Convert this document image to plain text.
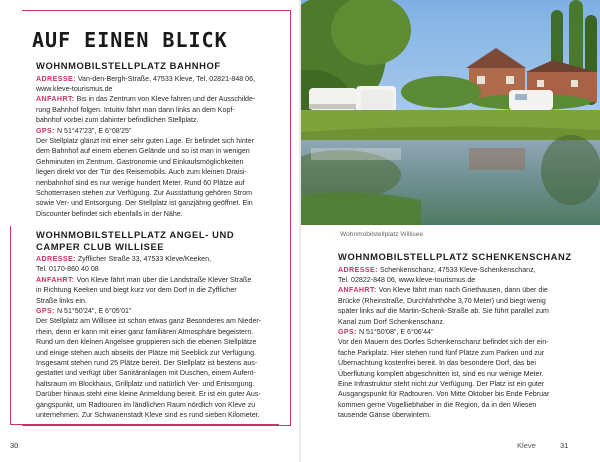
AUF EINEN BLICK

WOHNMOBILSTELLPLATZ BAHNHOF

ADRESSE: Van-den-Bergh-Straße, 47533 Kleve, Tel. 02821-848 06,

www.kleve-tourismus.de

ANFAHRT: Bis in das Zentrum von Kleve fahren und der Ausschilde-

rung Bahnhof folgen. Intuitiv fährt man dann links an dem Kopf-

bahnhof vorbei zum dahinter befindlichen Stellplatz.

GPS: N 51°47'23", E 6°08'25"

Der Stellplatz glänzt mit einer sehr guten Lage. Er befindet sich hinter

dem Bahnhof auf einem ebenen Gelände und so ist man in wenigen

Gehminuten im Zentrum. Gastronomie und Einkaufsmöglichkeiten

liegen direkt vor der Tür des Reisemobils. Auch zum kleinen Draisi-

nenbahnhof sind es nur wenige hundert Meter. Rund 60 Plätze auf

Schotterrasen stehen zur Verfügung. Zur Ausstattung gehören Strom

sowie Ver- und Entsorgung. Der Stellplatz ist ganzjährig geöffnet. Ein

Discounter befindet sich ebenfalls in der Nähe.

WOHNMOBILSTELLPLATZ ANGEL- UND

CAMPER CLUB WILLISEE

ADRESSE: Zyfflicher Straße 33, 47533 Kleve/Keeken,

Tel. 0170-860 40 08

ANFAHRT: Von Kleve fährt man über die Landstraße Klever Straße

in Richtung Keeken und biegt kurz vor dem Dorf in die Zyfflicher

Straße links ein.

GPS: N 51°50'24", E 6°05'01"

Der Stellplatz am Willisee ist schon etwas ganz Besonderes am Nieder-

rhein, denn er kann mit einer ganz familiären Atmosphäre begeistern.

Rund um den kleinen Angelsee gruppieren sich die ebenen Stellplätze

und einige stehen auch abseits der Plätze mit Seeblick zur Verfügung.

Insgesamt stehen rund 25 Plätze bereit. Der Stellplatz ist bestens aus-

gestattet und verfügt über Sanitäranlagen mit Duschen, einem Aufent-

haltsraum im Blockhaus, Grillplatz und natürlich Ver- und Entsorgung.

Darüber hinaus steht eine kleine Anmeldung bereit. Er ist ein guter Aus-

gangspunkt, um Radtouren im ländlichen Raum nördlich von Kleve zu

unternehmen. Zur Schwanenstadt Kleve sind es rund sieben Kilometer.

Wohnmobilstellplatz Willisee

WOHNMOBILSTELLPLATZ SCHENKENSCHANZ

ADRESSE: Schenkenschanz, 47533 Kleve-Schenkenschanz,

Tel. 02822-848 06, www.kleve-tourismus.de

ANFAHRT: Von Kleve fährt man nach Griethausen, dann über die

Brücke (Rheinstraße, Durchfahrthöhe 3,70 Meter) und biegt wenig

später links auf die Martin-Schenk-Straße ab. Sie führt parallel zum

Kanal zum Dorf Schenkenschanz.

GPS: N 51°50'08", E 6°06'44"

Vor den Mauern des Dorfes Schenkenschanz befindet sich der ein-

fache Parkplatz. Hier stehen rund fünf Plätze zum Parken und zur

Übernachtung kostenfrei bereit. In das besondere Dorf, das bei

Überflutung komplett abgeschnitten ist, sind es nur wenige Meter.

Eine Infrastruktur steht nicht zur Verfügung. Der Platz ist ein guter

Ausgangspunkt für Radtouren. Von Mitte Oktober bis Ende Februar

kommen gerne Vogelliebhaber in die Region, da in den Wiesen

tausende Gänse überwintern.

30	Kleve	31
